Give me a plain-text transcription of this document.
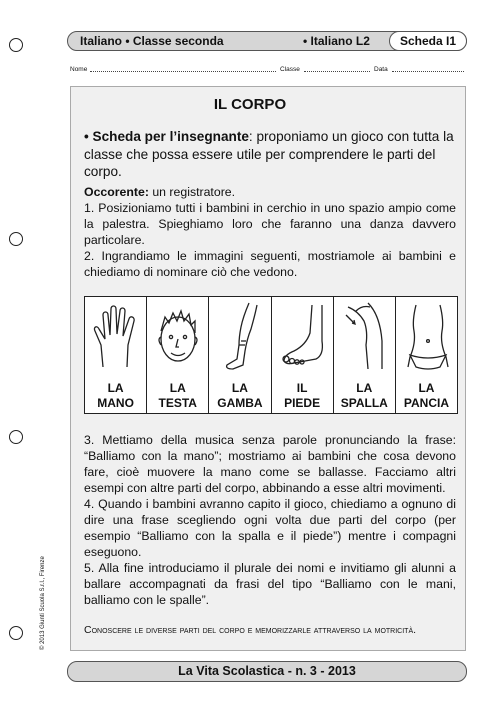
Italiano • Classe seconda	• Italiano L2	Scheda I1
Nome	Classe	Data
IL CORPO
• Scheda per l’insegnante: proponiamo un gioco con tutta la classe che possa essere utile per comprendere le parti del corpo.
Occorente: un registratore.
1. Posizioniamo tutti i bambini in cerchio in uno spazio ampio come la palestra. Spieghiamo loro che faranno una danza davvero particolare.
2. Ingrandiamo le immagini seguenti, mostriamole ai bambini e chiediamo di nominare ciò che vedono.
LA
MANO
LA
TESTA
LA
GAMBA
IL
PIEDE
LA
SPALLA
LA
PANCIA
3. Mettiamo della musica senza parole pronunciando la frase: “Balliamo con la mano”; mostriamo ai bambini che cosa devono fare, cioè muovere la mano come se ballasse. Facciamo altri esempi con altre parti del corpo, abbinando a esse altri movimenti.
4. Quando i bambini avranno capito il gioco, chiediamo a ognuno di dire una frase scegliendo ogni volta due parti del corpo (per esempio “Balliamo con la spalla e il piede”) mentre i compagni eseguono.
5. Alla fine introduciamo il plurale dei nomi e invitiamo gli alunni a ballare accompagnati da frasi del tipo “Balliamo con le mani, balliamo con le spalle”.
Conoscere le diverse parti del corpo e memorizzarle attraverso la motricità.
© 2013 Giunti Scuola S.r.l., Firenze
La Vita Scolastica - n. 3 - 2013
